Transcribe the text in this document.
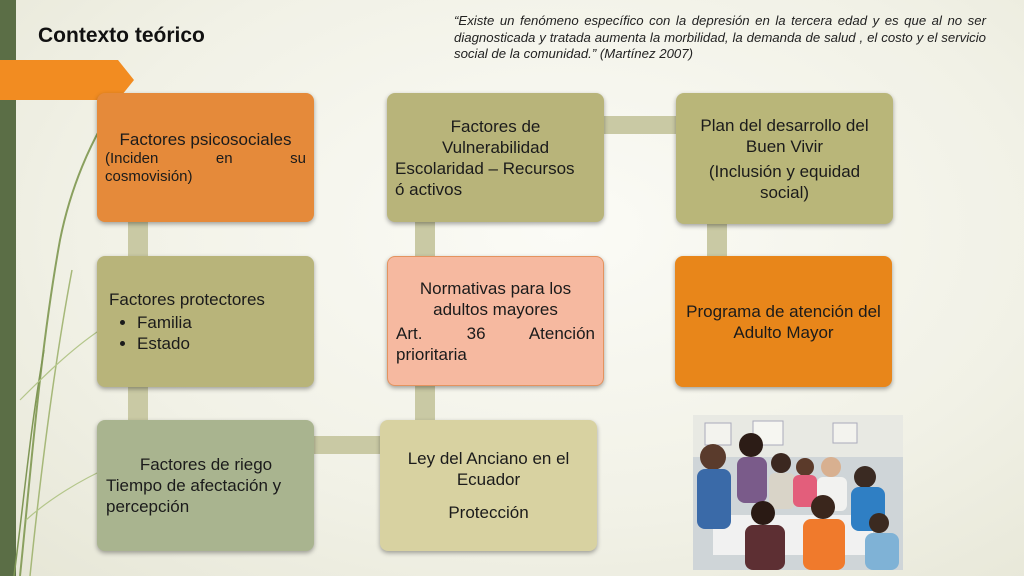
Contexto teórico
“Existe un fenómeno específico con la depresión en la tercera edad y es que al no ser diagnosticada y tratada aumenta la morbilidad, la demanda de salud , el costo y el servicio social de la comunidad.” (Martínez 2007)
Factores psicosociales
(Inciden en su
cosmovisión)
Factores protectores
• Familia
• Estado
Factores de riego
Tiempo de afectación y percepción
Ley del Anciano en el Ecuador
Protección
Normativas para los adultos mayores
Art. 36 Atención
prioritaria
Factores de Vulnerabilidad
Escolaridad – Recursos
ó activos
Plan del desarrollo del Buen Vivir
(Inclusión y equidad social)
Programa de atención del Adulto Mayor
